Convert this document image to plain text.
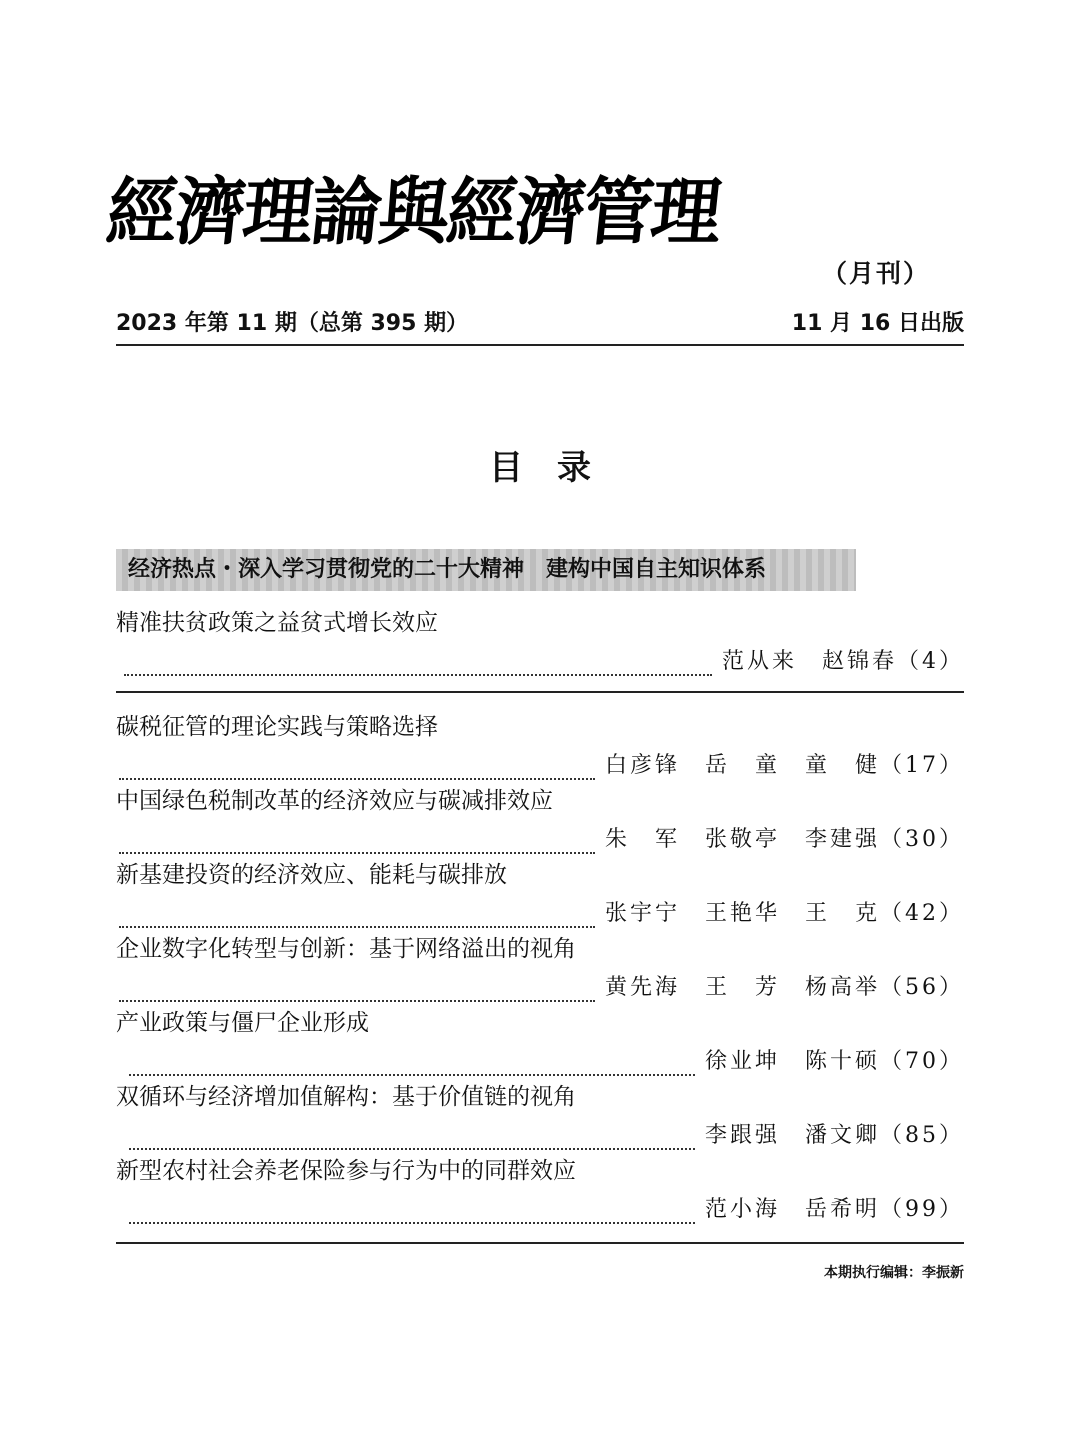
經濟理論與經濟管理
（月刊）
2023 年第 11 期（总第 395 期）	11 月 16 日出版
目录
经济热点・深入学习贯彻党的二十大精神 建构中国自主知识体系
精准扶贫政策之益贫式增长效应
范从来　赵锦春（4）
碳税征管的理论实践与策略选择
白彦锋　岳　童　童　健（17）
中国绿色税制改革的经济效应与碳减排效应
朱　军　张敬亭　李建强（30）
新基建投资的经济效应、能耗与碳排放
张宇宁　王艳华　王　克（42）
企业数字化转型与创新：基于网络溢出的视角
黄先海　王　芳　杨高举（56）
产业政策与僵尸企业形成
徐业坤　陈十硕（70）
双循环与经济增加值解构：基于价值链的视角
李跟强　潘文卿（85）
新型农村社会养老保险参与行为中的同群效应
范小海　岳希明（99）
本期执行编辑：李振新
